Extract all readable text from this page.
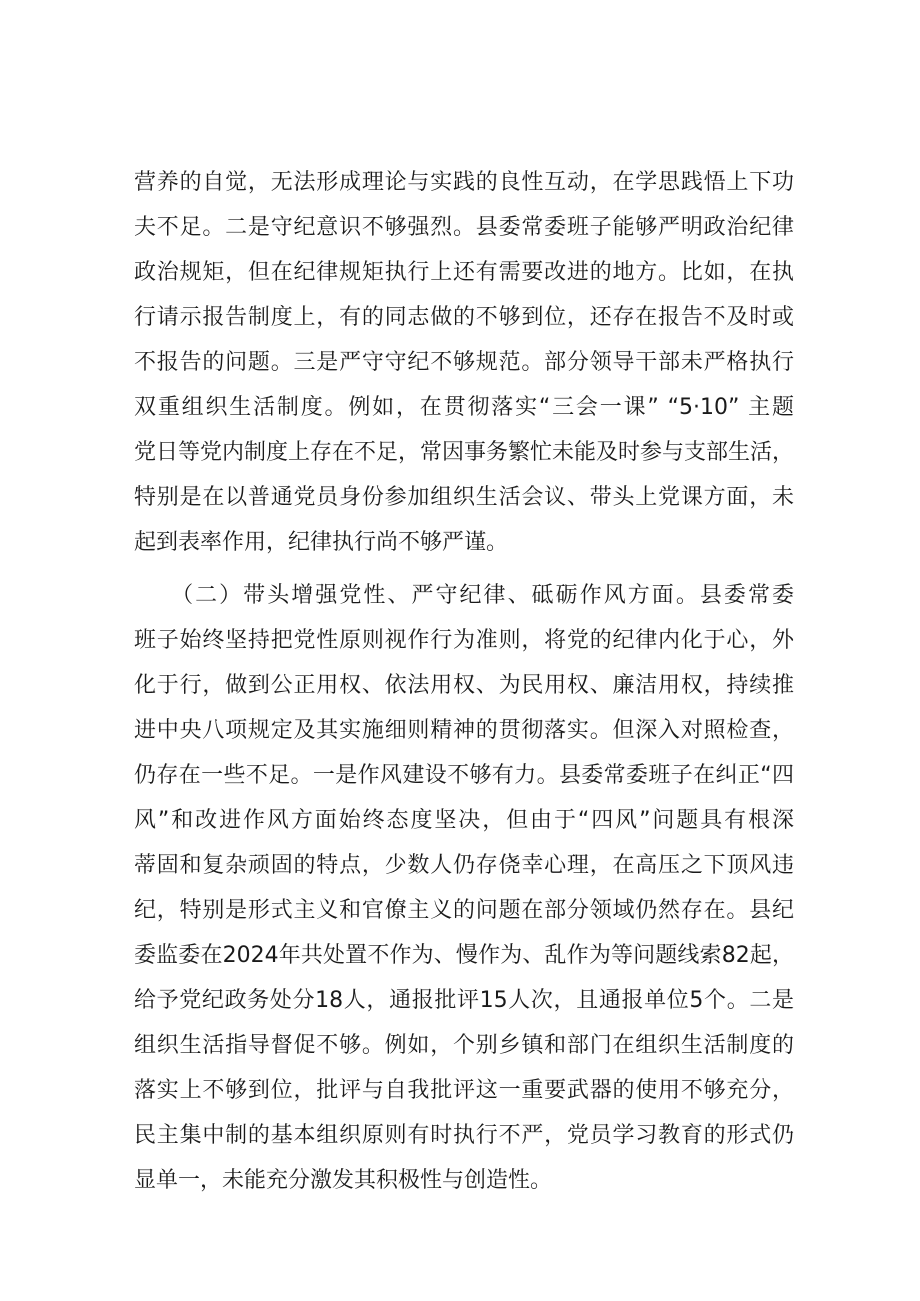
营养的自觉，无法形成理论与实践的良性互动，在学思践悟上下功
夫不足。二是守纪意识不够强烈。县委常委班子能够严明政治纪律
政治规矩，但在纪律规矩执行上还有需要改进的地方。比如，在执
行请示报告制度上，有的同志做的不够到位，还存在报告不及时或
不报告的问题。三是严守守纪不够规范。部分领导干部未严格执行
双重组织生活制度。例如，在贯彻落实“三会一课” “5·10” 主题
党日等党内制度上存在不足，常因事务繁忙未能及时参与支部生活，
特别是在以普通党员身份参加组织生活会议、带头上党课方面，未
起到表率作用，纪律执行尚不够严谨。
　　（二）带头增强党性、严守纪律、砥砺作风方面。县委常委
班子始终坚持把党性原则视作行为准则，将党的纪律内化于心，外
化于行，做到公正用权、依法用权、为民用权、廉洁用权，持续推
进中央八项规定及其实施细则精神的贯彻落实。但深入对照检查，
仍存在一些不足。一是作风建设不够有力。县委常委班子在纠正“四
风”和改进作风方面始终态度坚决，但由于“四风”问题具有根深
蒂固和复杂顽固的特点，少数人仍存侥幸心理，在高压之下顶风违
纪，特别是形式主义和官僚主义的问题在部分领域仍然存在。县纪
委监委在2024年共处置不作为、慢作为、乱作为等问题线索82起，
给予党纪政务处分18人，通报批评15人次，且通报单位5个。二是
组织生活指导督促不够。例如，个别乡镇和部门在组织生活制度的
落实上不够到位，批评与自我批评这一重要武器的使用不够充分，
民主集中制的基本组织原则有时执行不严，党员学习教育的形式仍
显单一，未能充分激发其积极性与创造性。
